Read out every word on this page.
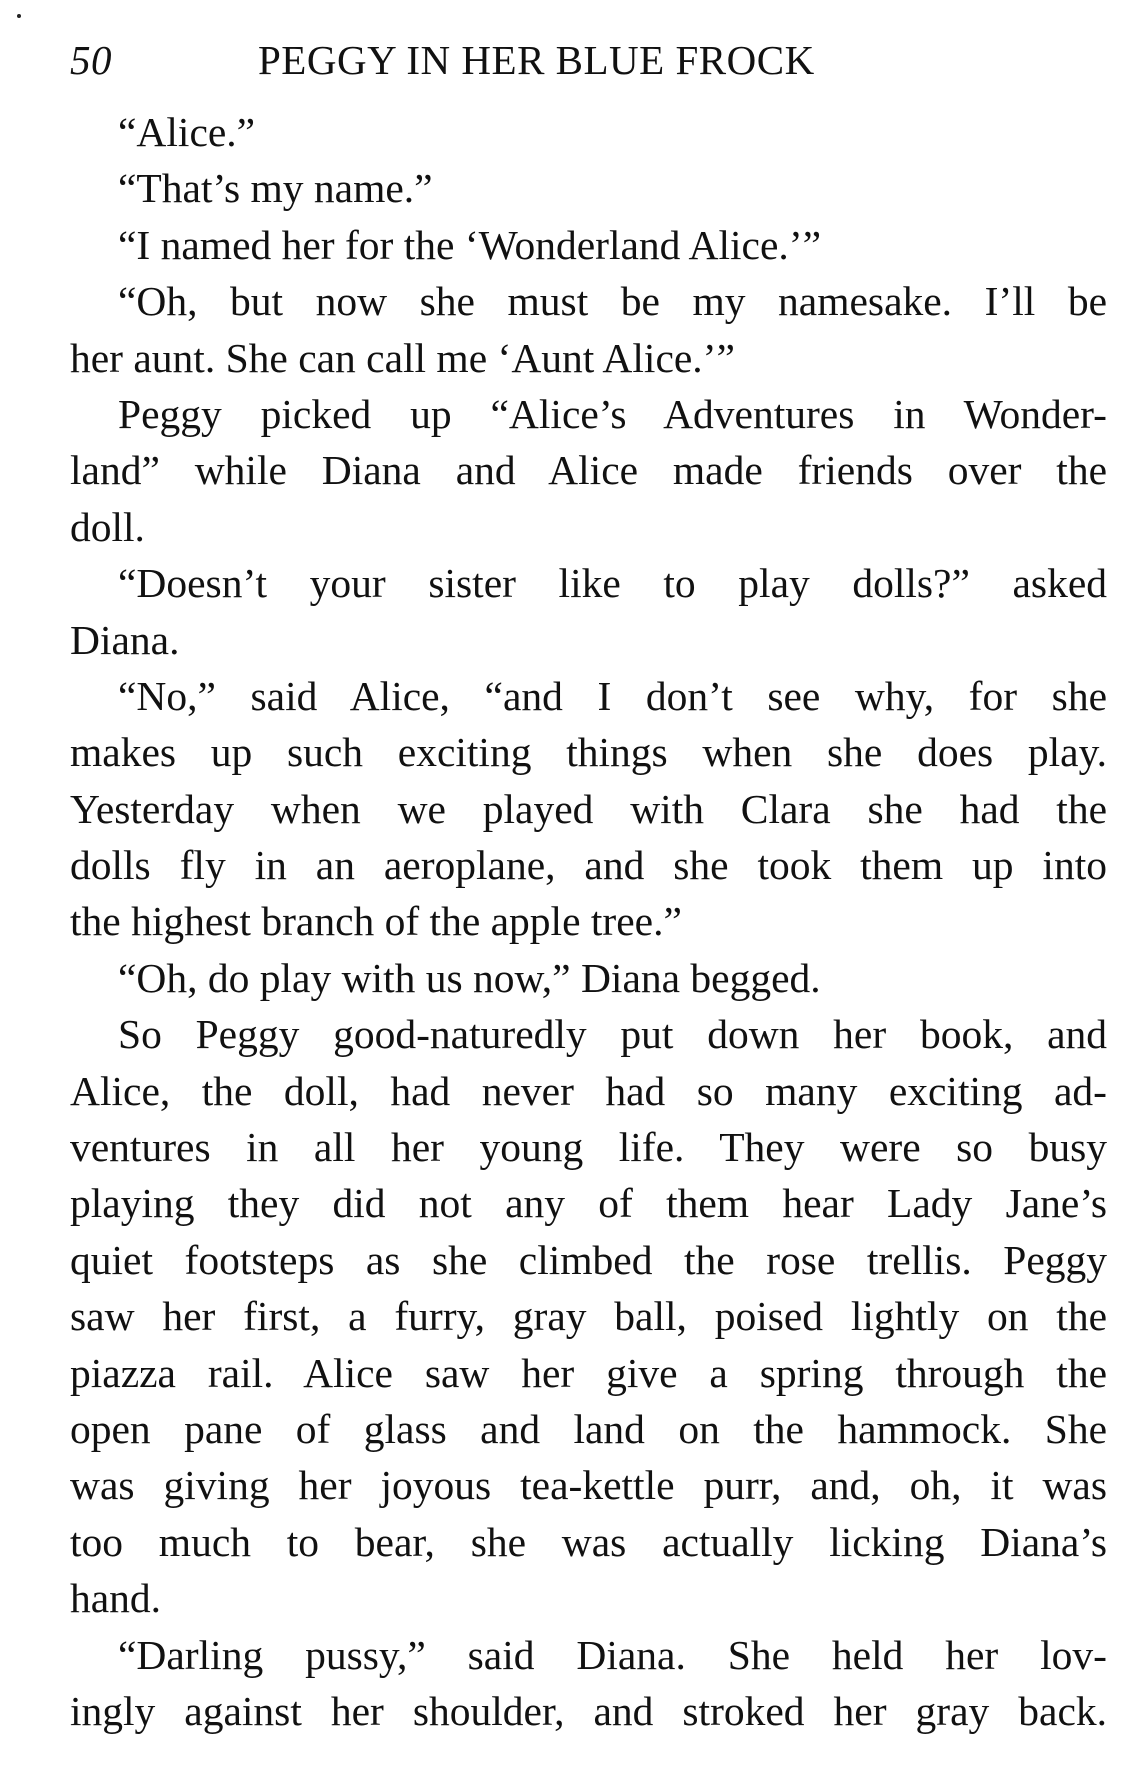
50	PEGGY IN HER BLUE FROCK
“Alice.”
“That’s my name.”
“I named her for the ‘Wonderland Alice.’”
“Oh, but now she must be my namesake. I’ll be
her aunt. She can call me ‘Aunt Alice.’”
Peggy picked up “Alice’s Adventures in Wonder-
land” while Diana and Alice made friends over the
doll.
“Doesn’t your sister like to play dolls?” asked
Diana.
“No,” said Alice, “and I don’t see why, for she
makes up such exciting things when she does play.
Yesterday when we played with Clara she had the
dolls fly in an aeroplane, and she took them up into
the highest branch of the apple tree.”
“Oh, do play with us now,” Diana begged.
So Peggy good-naturedly put down her book, and
Alice, the doll, had never had so many exciting ad-
ventures in all her young life. They were so busy
playing they did not any of them hear Lady Jane’s
quiet footsteps as she climbed the rose trellis. Peggy
saw her first, a furry, gray ball, poised lightly on the
piazza rail. Alice saw her give a spring through the
open pane of glass and land on the hammock. She
was giving her joyous tea-kettle purr, and, oh, it was
too much to bear, she was actually licking Diana’s
hand.
“Darling pussy,” said Diana. She held her lov-
ingly against her shoulder, and stroked her gray back.
